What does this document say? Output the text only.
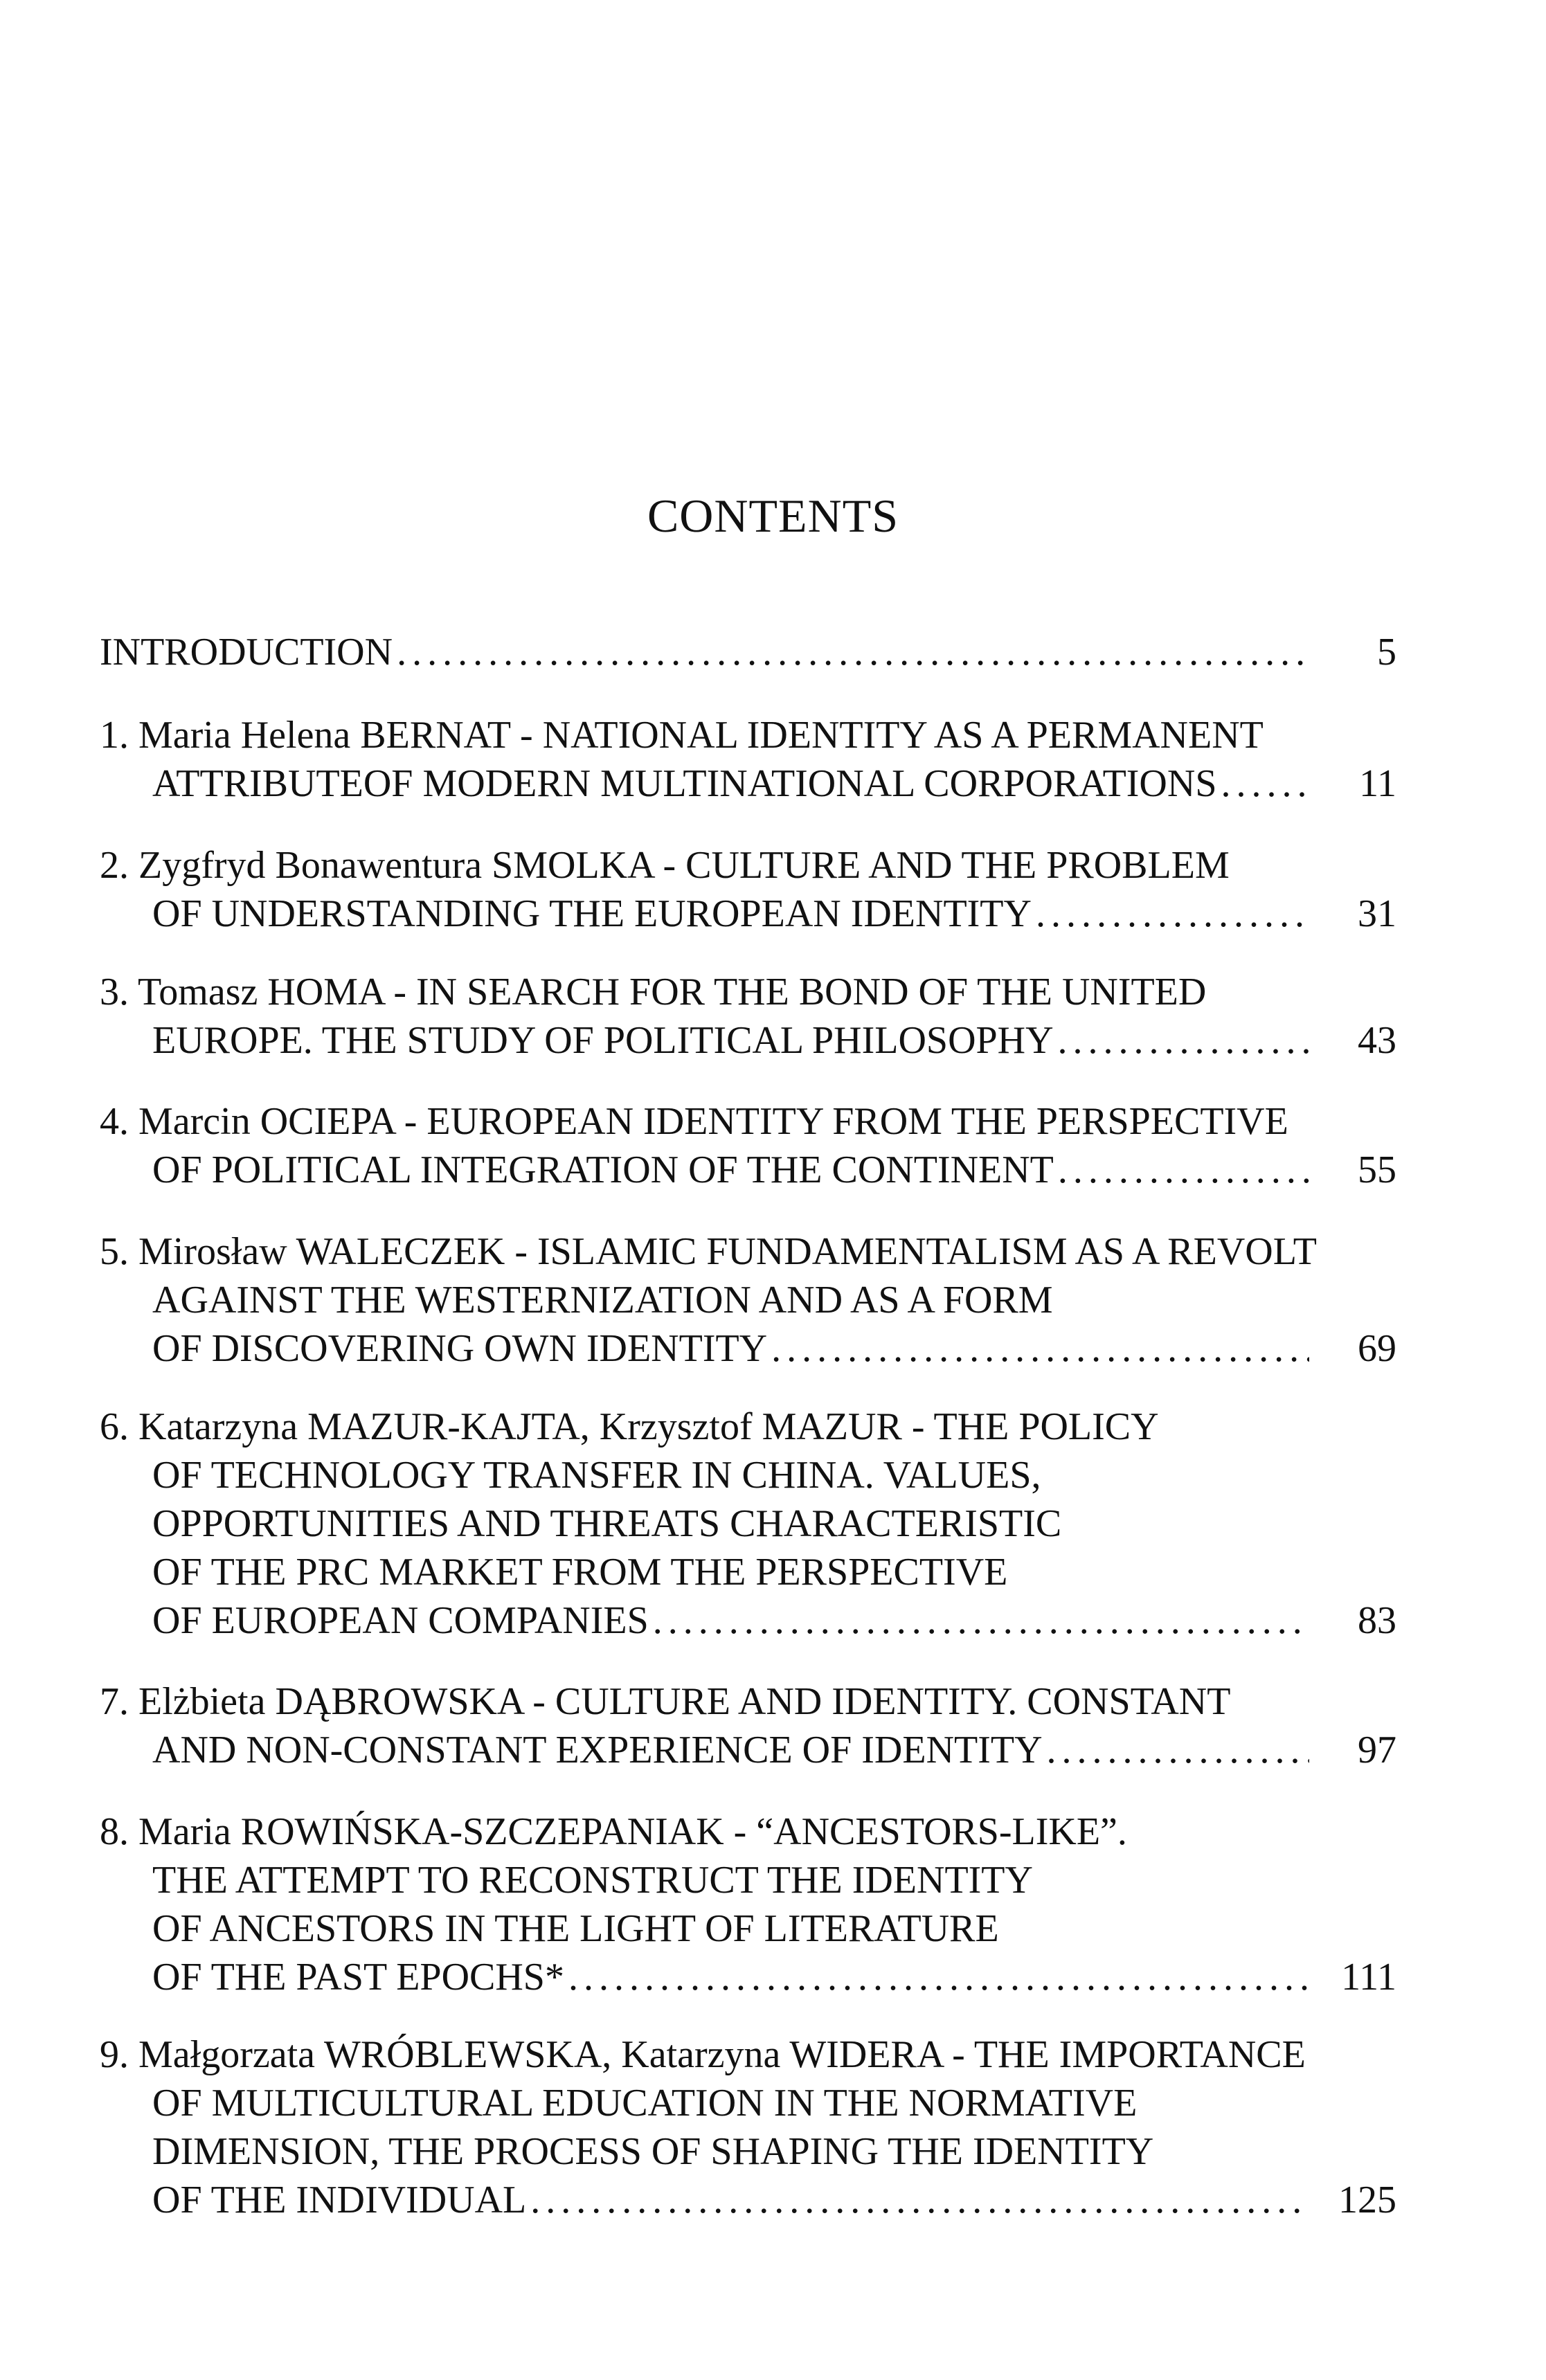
CONTENTS
INTRODUCTION .....	5
1. Maria Helena BERNAT - NATIONAL IDENTITY AS A PERMANENT
ATTRIBUTEOF MODERN MULTINATIONAL CORPORATIONS .....	11
2. Zygfryd Bonawentura SMOLKA - CULTURE AND THE PROBLEM
OF UNDERSTANDING THE EUROPEAN IDENTITY .....	31
3. Tomasz HOMA - IN SEARCH FOR THE BOND OF THE UNITED
EUROPE. THE STUDY OF POLITICAL PHILOSOPHY .....	43
4. Marcin OCIEPA - EUROPEAN IDENTITY FROM THE PERSPECTIVE
OF POLITICAL INTEGRATION OF THE CONTINENT .....	55
5. Mirosław WALECZEK - ISLAMIC FUNDAMENTALISM AS A REVOLT
AGAINST THE WESTERNIZATION AND AS A FORM
OF DISCOVERING OWN IDENTITY .....	69
6. Katarzyna MAZUR-KAJTA, Krzysztof MAZUR - THE POLICY
OF TECHNOLOGY TRANSFER IN CHINA. VALUES,
OPPORTUNITIES AND THREATS CHARACTERISTIC
OF THE PRC MARKET FROM THE PERSPECTIVE
OF EUROPEAN COMPANIES .....	83
7. Elżbieta DĄBROWSKA - CULTURE AND IDENTITY. CONSTANT
AND NON-CONSTANT EXPERIENCE OF IDENTITY .....	97
8. Maria ROWIŃSKA-SZCZEPANIAK - “ANCESTORS-LIKE”.
THE ATTEMPT TO RECONSTRUCT THE IDENTITY
OF ANCESTORS IN THE LIGHT OF LITERATURE
OF THE PAST EPOCHS* .....	111
9. Małgorzata WRÓBLEWSKA, Katarzyna WIDERA - THE IMPORTANCE
OF MULTICULTURAL EDUCATION IN THE NORMATIVE
DIMENSION, THE PROCESS OF SHAPING THE IDENTITY
OF THE INDIVIDUAL .....	125
